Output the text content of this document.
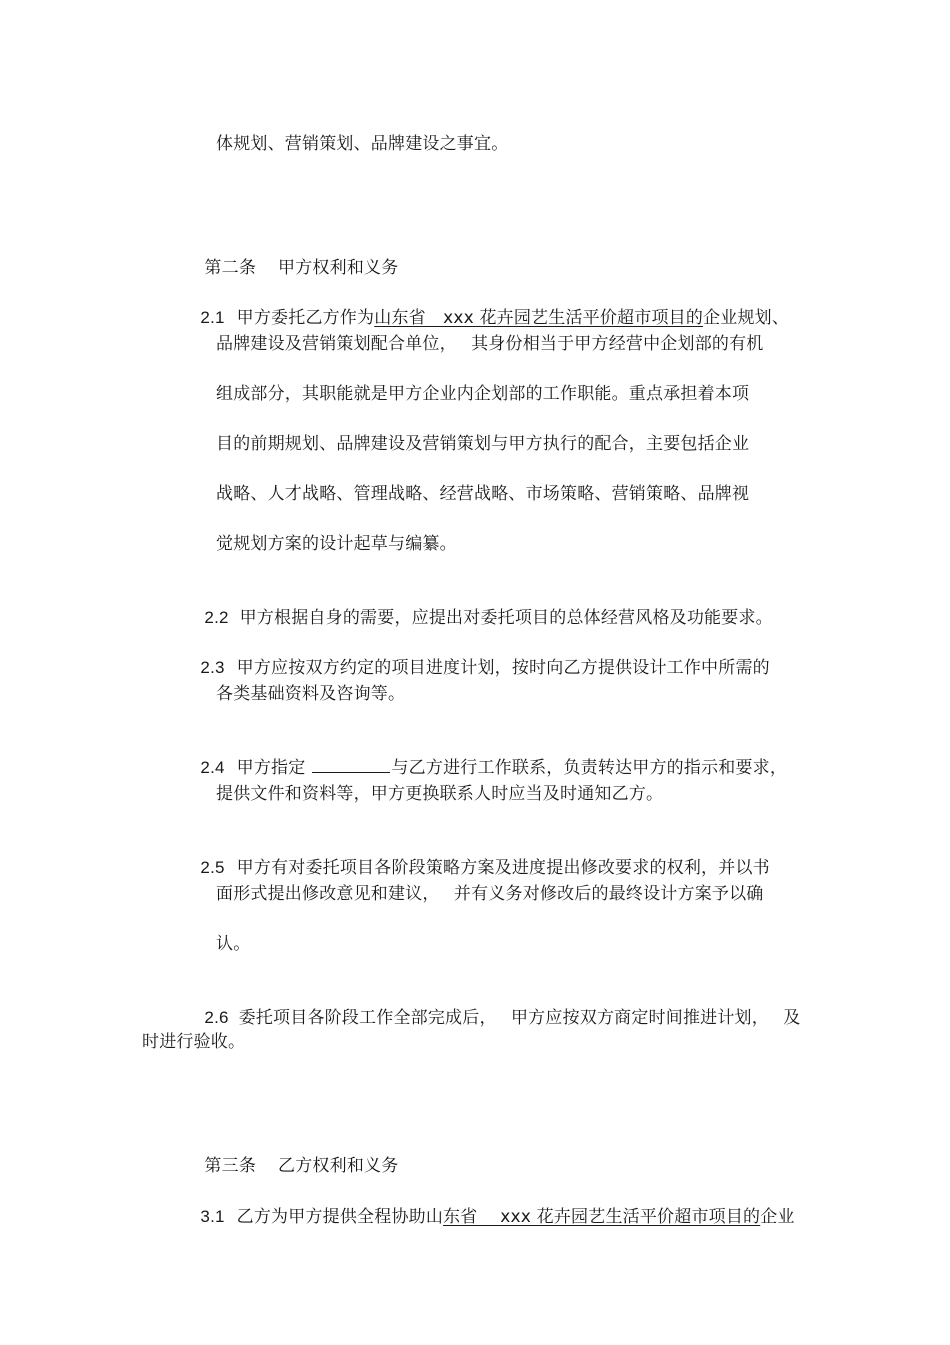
体规划、营销策划、品牌建设之事宜。

第二条 甲方权利和义务

2.1 甲方委托乙方作为山东省　xxx 花卉园艺生活平价超市项目的企业规划、

品牌建设及营销策划配合单位，　 其身份相当于甲方经营中企划部的有机
组成部分，其职能就是甲方企业内企划部的工作职能。重点承担着本项
目的前期规划、品牌建设及营销策划与甲方执行的配合，主要包括企业
战略、人才战略、管理战略、经营战略、市场策略、营销策略、品牌视
觉规划方案的设计起草与编纂。

2.2 甲方根据自身的需要，应提出对委托项目的总体经营风格及功能要求。

2.3 甲方应按双方约定的项目进度计划，按时向乙方提供设计工作中所需的

各类基础资料及咨询等。

2.4 甲方指定	与乙方进行工作联系，负责转达甲方的指示和要求，

提供文件和资料等，甲方更换联系人时应当及时通知乙方。

2.5 甲方有对委托项目各阶段策略方案及进度提出修改要求的权利，并以书

面形式提出修改意见和建议，　 并有义务对修改后的最终设计方案予以确
认。

2.6 委托项目各阶段工作全部完成后，　 甲方应按双方商定时间推进计划，　 及

时进行验收。

第三条 乙方权利和义务

3.1 乙方为甲方提供全程协助山东省　 xxx 花卉园艺生活平价超市项目的企业
